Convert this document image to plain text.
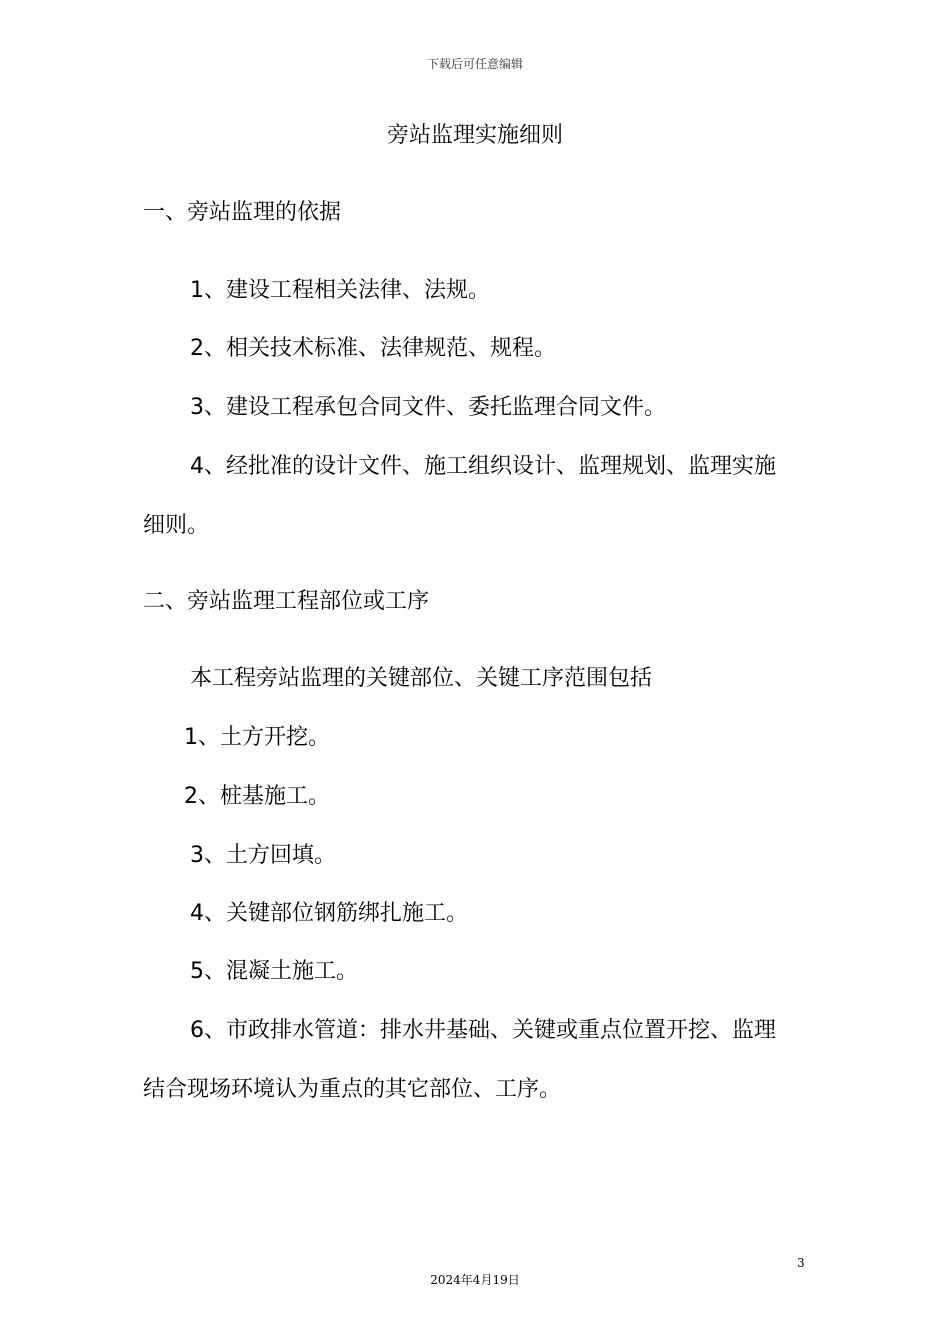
下载后可任意编辑
旁站监理实施细则
一、旁站监理的依据
1、建设工程相关法律、法规。
2、相关技术标准、法律规范、规程。
3、建设工程承包合同文件、委托监理合同文件。
4、经批准的设计文件、施工组织设计、监理规划、监理实施
细则。
二、旁站监理工程部位或工序
本工程旁站监理的关键部位、关键工序范围包括
1、土方开挖。
2、桩基施工。
3、土方回填。
4、关键部位钢筋绑扎施工。
5、混凝土施工。
6、市政排水管道：排水井基础、关键或重点位置开挖、监理
结合现场环境认为重点的其它部位、工序。
3
2024年4月19日
